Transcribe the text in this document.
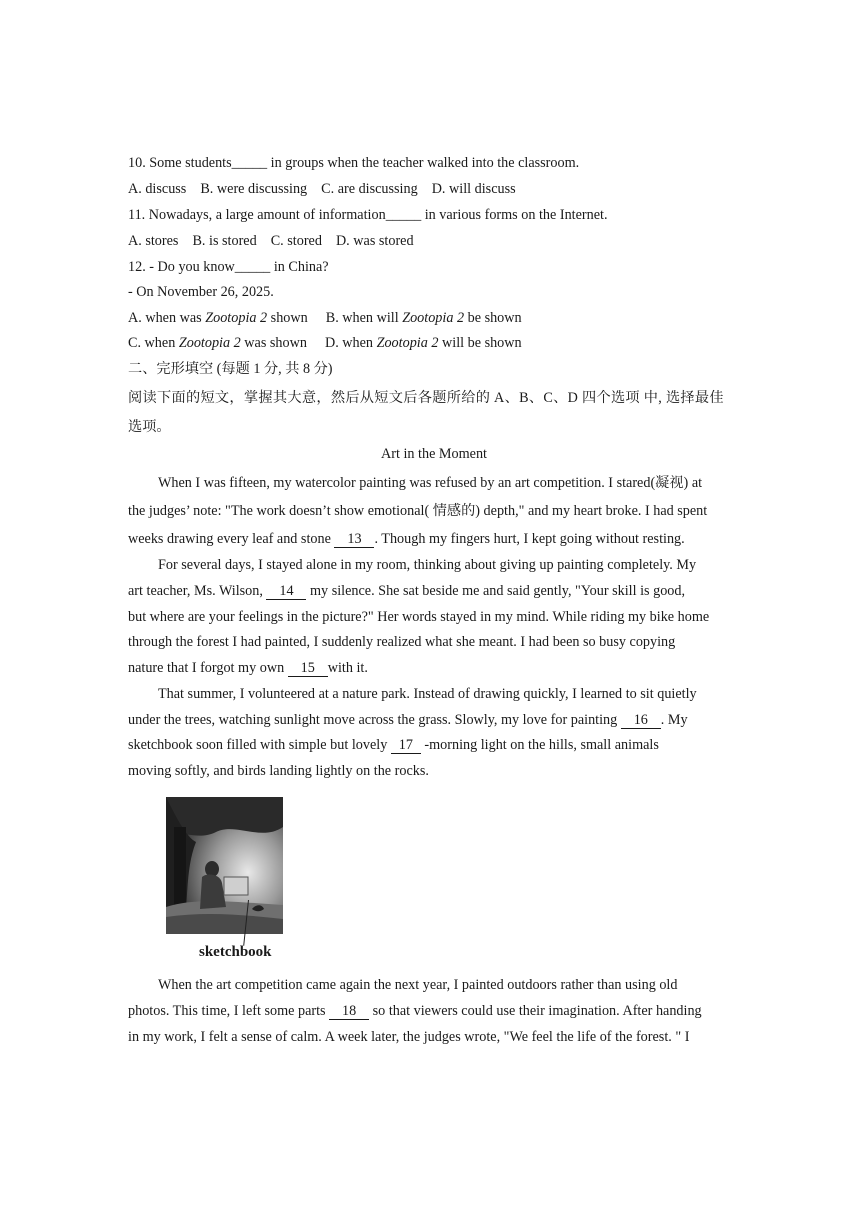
10. Some students_____ in groups when the teacher walked into the classroom.
A. discuss B. were discussing C. are discussing D. will discuss
11. Nowadays, a large amount of information_____ in various forms on the Internet.
A. stores B. is stored C. stored D. was stored
12. - Do you know_____ in China?
- On November 26, 2025.
A. when was Zootopia 2 shown B. when will Zootopia 2 be shown
C. when Zootopia 2 was shown D. when Zootopia 2 will be shown
二、完形填空 (每题 1 分, 共 8 分)
阅读下面的短文，掌握其大意，然后从短文后各题所给的 A、B、C、D 四个选项 中, 选择最佳
选项。
Art in the Moment
When I was fifteen, my watercolor painting was refused by an art competition. I stared(凝视) at
the judges’ note: "The work doesn’t show emotional( 情感的) depth," and my heart broke. I had spent
weeks drawing every leaf and stone 13 . Though my fingers hurt, I kept going without resting.
For several days, I stayed alone in my room, thinking about giving up painting completely. My
art teacher, Ms. Wilson, 14 my silence. She sat beside me and said gently, "Your skill is good,
but where are your feelings in the picture?" Her words stayed in my mind. While riding my bike home
through the forest I had painted, I suddenly realized what she meant. I had been so busy copying
nature that I forgot my own 15 with it.
That summer, I volunteered at a nature park. Instead of drawing quickly, I learned to sit quietly
under the trees, watching sunlight move across the grass. Slowly, my love for painting 16 . My
sketchbook soon filled with simple but lovely 17 -morning light on the hills, small animals
moving softly, and birds landing lightly on the rocks.
sketchbook
When the art competition came again the next year, I painted outdoors rather than using old
photos. This time, I left some parts 18 so that viewers could use their imagination. After handing
in my work, I felt a sense of calm. A week later, the judges wrote, "We feel the life of the forest. " I
